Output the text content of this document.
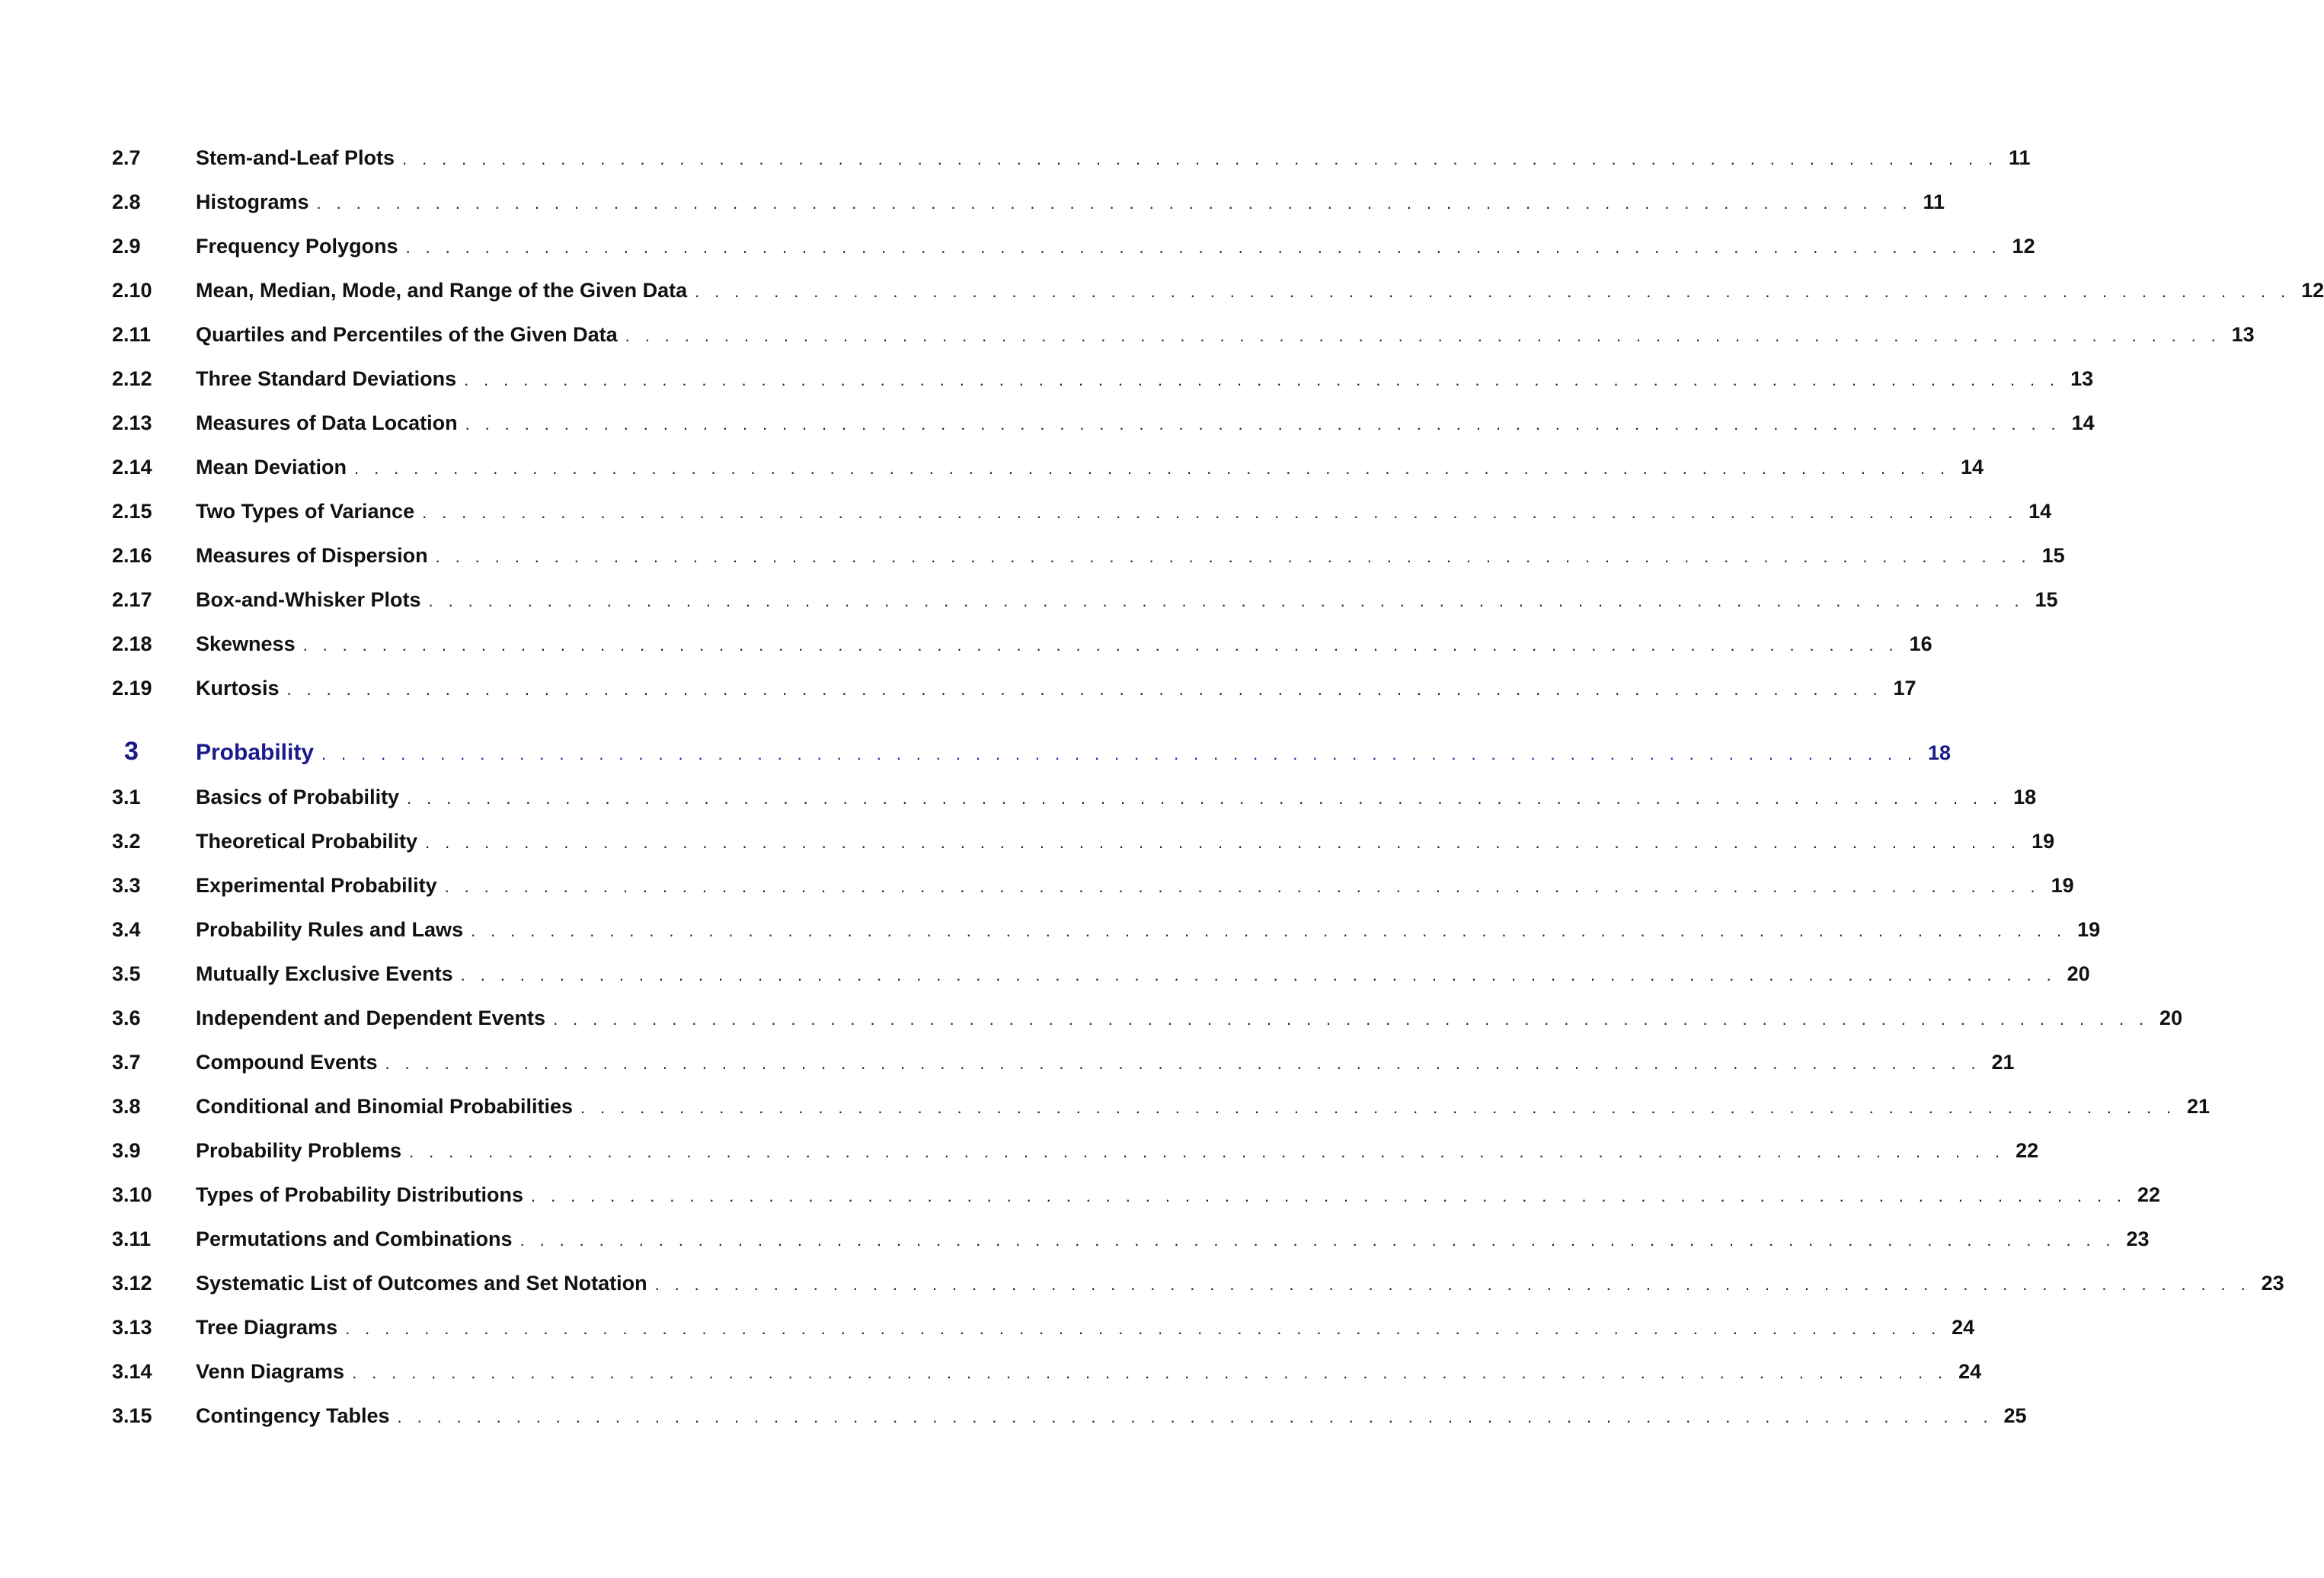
2.7	Stem-and-Leaf Plots . . . . . . . . . . . . . . . . . . . . . . . . . . . . . . . . . . . . . . . . . . . . . . . . . . . . . . . . . . . . . . . . . . . . . . . . . . . . . . . . . 11
2.8	Histograms . . . . . . . . . . . . . . . . . . . . . . . . . . . . . . . . . . . . . . . . . . . . . . . . . . . . . . . . . . . . . . . . . . . . . . . . . . . . . . . . . 11
2.9	Frequency Polygons . . . . . . . . . . . . . . . . . . . . . . . . . . . . . . . . . . . . . . . . . . . . . . . . . . . . . . . . . . . . . . . . . . . . . . . . . . . . . . . . . 12
2.10	Mean, Median, Mode, and Range of the Given Data . . . . . . . . . . . . . . . . . . . . . . . . . . . . . . . . . . . . . . . . . . . . . . . . . . . . . . . . . . . . . . . . . . . . . . . . . . . . . . . . . 12
2.11	Quartiles and Percentiles of the Given Data . . . . . . . . . . . . . . . . . . . . . . . . . . . . . . . . . . . . . . . . . . . . . . . . . . . . . . . . . . . . . . . . . . . . . . . . . . . . . . . . . 13
2.12	Three Standard Deviations . . . . . . . . . . . . . . . . . . . . . . . . . . . . . . . . . . . . . . . . . . . . . . . . . . . . . . . . . . . . . . . . . . . . . . . . . . . . . . . . . 13
2.13	Measures of Data Location . . . . . . . . . . . . . . . . . . . . . . . . . . . . . . . . . . . . . . . . . . . . . . . . . . . . . . . . . . . . . . . . . . . . . . . . . . . . . . . . . 14
2.14	Mean Deviation . . . . . . . . . . . . . . . . . . . . . . . . . . . . . . . . . . . . . . . . . . . . . . . . . . . . . . . . . . . . . . . . . . . . . . . . . . . . . . . . . 14
2.15	Two Types of Variance . . . . . . . . . . . . . . . . . . . . . . . . . . . . . . . . . . . . . . . . . . . . . . . . . . . . . . . . . . . . . . . . . . . . . . . . . . . . . . . . . 14
2.16	Measures of Dispersion . . . . . . . . . . . . . . . . . . . . . . . . . . . . . . . . . . . . . . . . . . . . . . . . . . . . . . . . . . . . . . . . . . . . . . . . . . . . . . . . . 15
2.17	Box-and-Whisker Plots . . . . . . . . . . . . . . . . . . . . . . . . . . . . . . . . . . . . . . . . . . . . . . . . . . . . . . . . . . . . . . . . . . . . . . . . . . . . . . . . . 15
2.18	Skewness . . . . . . . . . . . . . . . . . . . . . . . . . . . . . . . . . . . . . . . . . . . . . . . . . . . . . . . . . . . . . . . . . . . . . . . . . . . . . . . . . 16
2.19	Kurtosis . . . . . . . . . . . . . . . . . . . . . . . . . . . . . . . . . . . . . . . . . . . . . . . . . . . . . . . . . . . . . . . . . . . . . . . . . . . . . . . . . 17
3	Probability . . . . . . . . . . . . . . . . . . . . . . . . . . . . . . . . . . . . . . . . . . . . . . . . . . . . . . . . . . . . . . . . . . . . . . . . . . . . . . . . . 18
3.1	Basics of Probability . . . . . . . . . . . . . . . . . . . . . . . . . . . . . . . . . . . . . . . . . . . . . . . . . . . . . . . . . . . . . . . . . . . . . . . . . . . . . . . . . 18
3.2	Theoretical Probability . . . . . . . . . . . . . . . . . . . . . . . . . . . . . . . . . . . . . . . . . . . . . . . . . . . . . . . . . . . . . . . . . . . . . . . . . . . . . . . . . 19
3.3	Experimental Probability . . . . . . . . . . . . . . . . . . . . . . . . . . . . . . . . . . . . . . . . . . . . . . . . . . . . . . . . . . . . . . . . . . . . . . . . . . . . . . . . . 19
3.4	Probability Rules and Laws . . . . . . . . . . . . . . . . . . . . . . . . . . . . . . . . . . . . . . . . . . . . . . . . . . . . . . . . . . . . . . . . . . . . . . . . . . . . . . . . . 19
3.5	Mutually Exclusive Events . . . . . . . . . . . . . . . . . . . . . . . . . . . . . . . . . . . . . . . . . . . . . . . . . . . . . . . . . . . . . . . . . . . . . . . . . . . . . . . . . 20
3.6	Independent and Dependent Events . . . . . . . . . . . . . . . . . . . . . . . . . . . . . . . . . . . . . . . . . . . . . . . . . . . . . . . . . . . . . . . . . . . . . . . . . . . . . . . . . 20
3.7	Compound Events . . . . . . . . . . . . . . . . . . . . . . . . . . . . . . . . . . . . . . . . . . . . . . . . . . . . . . . . . . . . . . . . . . . . . . . . . . . . . . . . . 21
3.8	Conditional and Binomial Probabilities . . . . . . . . . . . . . . . . . . . . . . . . . . . . . . . . . . . . . . . . . . . . . . . . . . . . . . . . . . . . . . . . . . . . . . . . . . . . . . . . . 21
3.9	Probability Problems . . . . . . . . . . . . . . . . . . . . . . . . . . . . . . . . . . . . . . . . . . . . . . . . . . . . . . . . . . . . . . . . . . . . . . . . . . . . . . . . . 22
3.10	Types of Probability Distributions . . . . . . . . . . . . . . . . . . . . . . . . . . . . . . . . . . . . . . . . . . . . . . . . . . . . . . . . . . . . . . . . . . . . . . . . . . . . . . . . . 22
3.11	Permutations and Combinations . . . . . . . . . . . . . . . . . . . . . . . . . . . . . . . . . . . . . . . . . . . . . . . . . . . . . . . . . . . . . . . . . . . . . . . . . . . . . . . . . 23
3.12	Systematic List of Outcomes and Set Notation . . . . . . . . . . . . . . . . . . . . . . . . . . . . . . . . . . . . . . . . . . . . . . . . . . . . . . . . . . . . . . . . . . . . . . . . . . . . . . . . . 23
3.13	Tree Diagrams . . . . . . . . . . . . . . . . . . . . . . . . . . . . . . . . . . . . . . . . . . . . . . . . . . . . . . . . . . . . . . . . . . . . . . . . . . . . . . . . . 24
3.14	Venn Diagrams . . . . . . . . . . . . . . . . . . . . . . . . . . . . . . . . . . . . . . . . . . . . . . . . . . . . . . . . . . . . . . . . . . . . . . . . . . . . . . . . . 24
3.15	Contingency Tables . . . . . . . . . . . . . . . . . . . . . . . . . . . . . . . . . . . . . . . . . . . . . . . . . . . . . . . . . . . . . . . . . . . . . . . . . . . . . . . . . 25
